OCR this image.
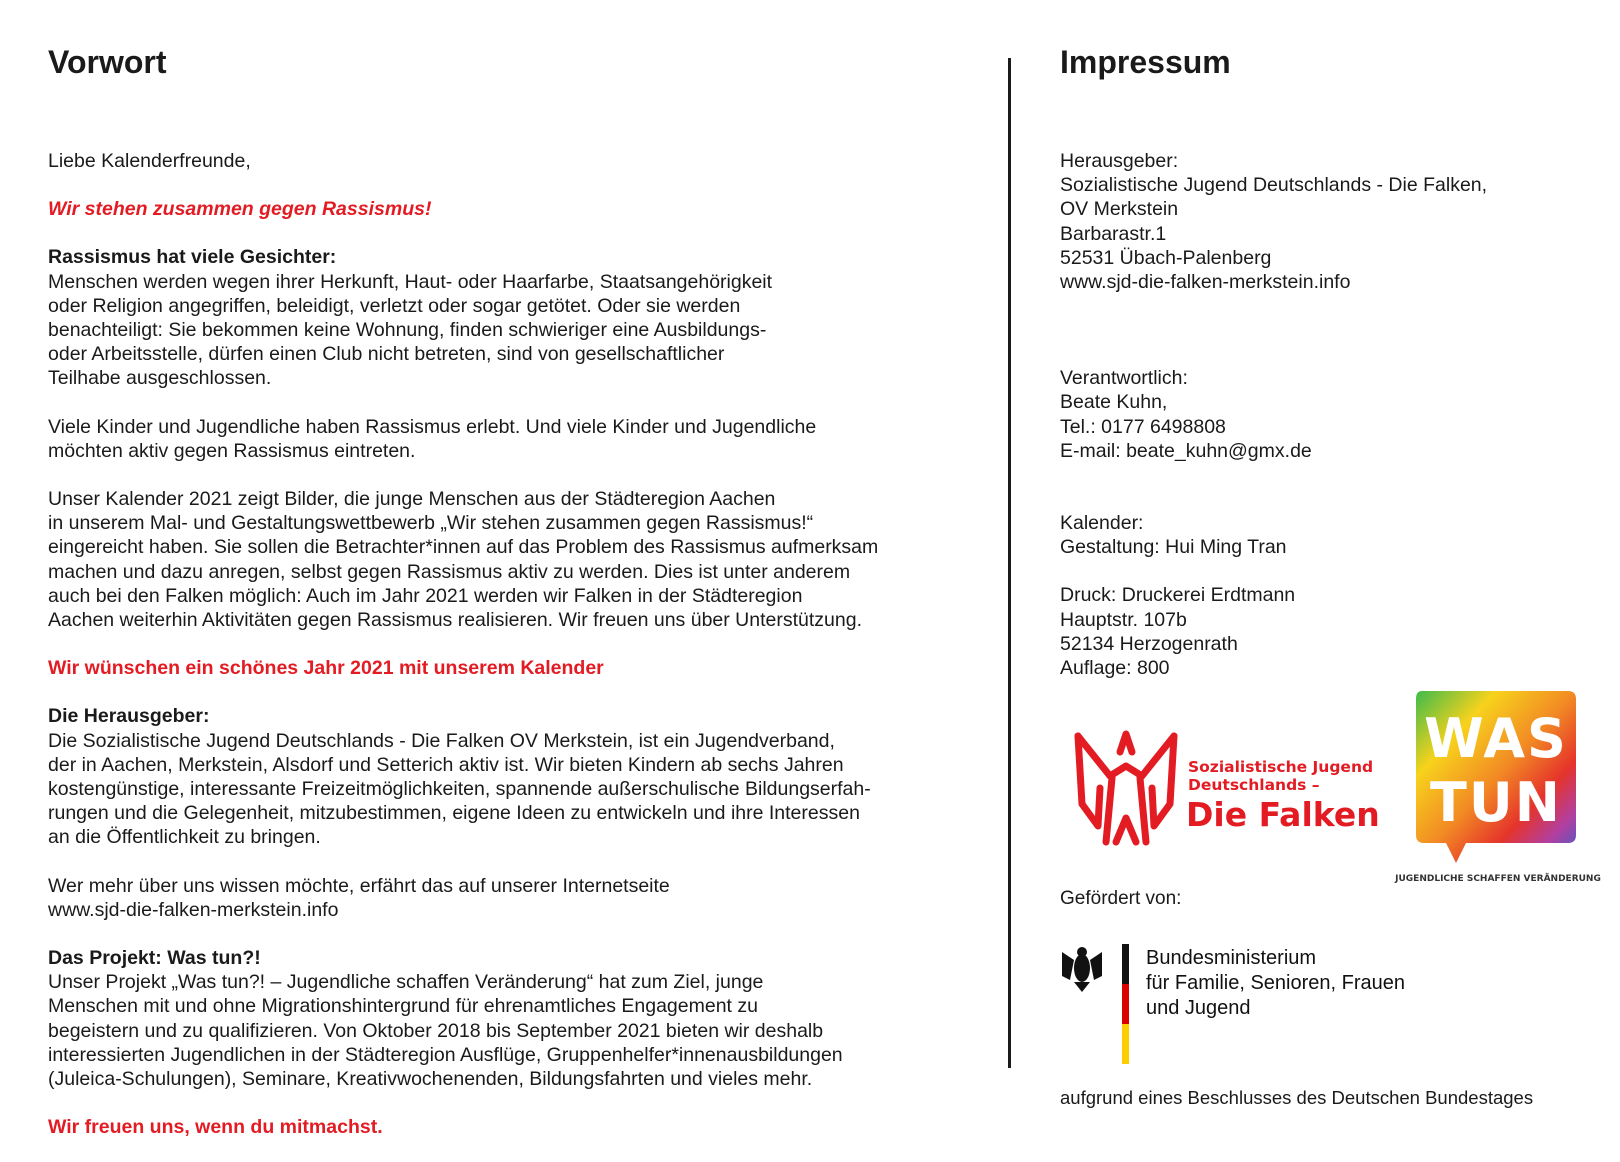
Vorwort

Liebe Kalenderfreunde,

Wir stehen zusammen gegen Rassismus!

Rassismus hat viele Gesichter:

Menschen werden wegen ihrer Herkunft, Haut- oder Haarfarbe, Staatsangehörigkeit
oder Religion angegriffen, beleidigt, verletzt oder sogar getötet. Oder sie werden
benachteiligt: Sie bekommen keine Wohnung, finden schwieriger eine Ausbildungs-
oder Arbeitsstelle, dürfen einen Club nicht betreten, sind von gesellschaftlicher
Teilhabe ausgeschlossen.

Viele Kinder und Jugendliche haben Rassismus erlebt. Und viele Kinder und Jugendliche
möchten aktiv gegen Rassismus eintreten.

Unser Kalender 2021 zeigt Bilder, die junge Menschen aus der Städteregion Aachen
in unserem Mal- und Gestaltungswettbewerb „Wir stehen zusammen gegen Rassismus!“
eingereicht haben. Sie sollen die Betrachter*innen auf das Problem des Rassismus aufmerksam
machen und dazu anregen, selbst gegen Rassismus aktiv zu werden. Dies ist unter anderem
auch bei den Falken möglich: Auch im Jahr 2021 werden wir Falken in der Städteregion
Aachen weiterhin Aktivitäten gegen Rassismus realisieren. Wir freuen uns über Unterstützung.

Wir wünschen ein schönes Jahr 2021 mit unserem Kalender

Die Herausgeber:

Die Sozialistische Jugend Deutschlands - Die Falken OV Merkstein, ist ein Jugendverband,
der in Aachen, Merkstein, Alsdorf und Setterich aktiv ist. Wir bieten Kindern ab sechs Jahren
kostengünstige, interessante Freizeitmöglichkeiten, spannende außerschulische Bildungserfah-
rungen und die Gelegenheit, mitzubestimmen, eigene Ideen zu entwickeln und ihre Interessen
an die Öffentlichkeit zu bringen.

Wer mehr über uns wissen möchte, erfährt das auf unserer Internetseite
www.sjd-die-falken-merkstein.info

Das Projekt: Was tun?!

Unser Projekt „Was tun?! – Jugendliche schaffen Veränderung“ hat zum Ziel, junge
Menschen mit und ohne Migrationshintergrund für ehrenamtliches Engagement zu
begeistern und zu qualifizieren. Von Oktober 2018 bis September 2021 bieten wir deshalb
interessierten Jugendlichen in der Städteregion Ausflüge, Gruppenhelfer*innenausbildungen
(Juleica-Schulungen), Seminare, Kreativwochenenden, Bildungsfahrten und vieles mehr.

Wir freuen uns, wenn du mitmachst.

Impressum

Herausgeber:
Sozialistische Jugend Deutschlands - Die Falken,
OV Merkstein
Barbarastr.1
52531 Übach-Palenberg
www.sjd-die-falken-merkstein.info

Verantwortlich:
Beate Kuhn,
Tel.: 0177 6498808
E-mail: beate_kuhn@gmx.de

Kalender:
Gestaltung: Hui Ming Tran

Druck: Druckerei Erdtmann
Hauptstr. 107b
52134 Herzogenrath
Auflage: 800

Sozialistische Jugend
Deutschlands –
Die Falken
WAS
TUN
JUGENDLICHE SCHAFFEN VERÄNDERUNG

Gefördert von:

Bundesministerium
für Familie, Senioren, Frauen
und Jugend

aufgrund eines Beschlusses des Deutschen Bundestages
